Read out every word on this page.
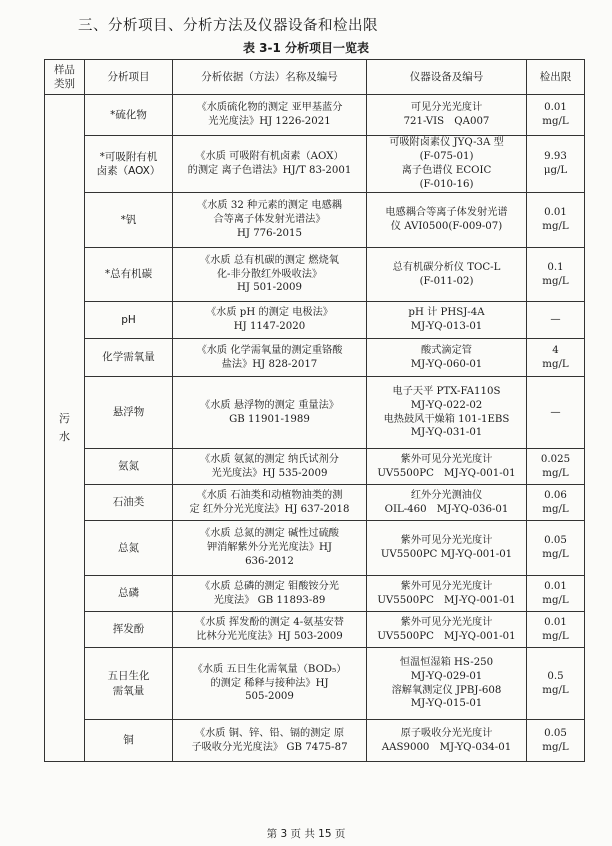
三、分析项目、分析方法及仪器设备和检出限
表 3-1 分析项目一览表
样品
类别	分析项目	分析依据（方法）名称及编号	仪器设备及编号	检出限

污
水	*硫化物	《水质硫化物的测定 亚甲基蓝分
光光度法》HJ 1226-2021	可见分光光度计
721-VIS　QA007	0.01
mg/L

	*可吸附有机
卤素（AOX）	《水质 可吸附有机卤素（AOX）
的测定 离子色谱法》HJ/T 83-2001	可吸附卤素仪 JYQ-3A 型
(F-075-01)
离子色谱仪 ECOIC
(F-010-16)	9.93
μg/L

	*钒	《水质 32 种元素的测定 电感耦
合等离子体发射光谱法》
HJ 776-2015	电感耦合等离子体发射光谱
仪 AVI0500(F-009-07)	0.01
mg/L

	*总有机碳	《水质 总有机碳的测定 燃烧氧
化-非分散红外吸收法》
HJ 501-2009	总有机碳分析仪 TOC-L
(F-011-02)	0.1
mg/L

	pH	《水质 pH 的测定 电极法》
HJ 1147-2020	pH 计 PHSJ-4A
MJ-YQ-013-01	—

	化学需氧量	《水质 化学需氧量的测定重铬酸
盐法》HJ 828-2017	酸式滴定管
MJ-YQ-060-01	4
mg/L

	悬浮物	《水质 悬浮物的测定 重量法》
GB 11901-1989	电子天平 PTX-FA110S
MJ-YQ-022-02
电热鼓风干燥箱 101-1EBS
MJ-YQ-031-01	—

	氨氮	《水质 氨氮的测定 纳氏试剂分
光光度法》HJ 535-2009	紫外可见分光光度计
UV5500PC　MJ-YQ-001-01	0.025
mg/L

	石油类	《水质 石油类和动植物油类的测
定 红外分光光度法》HJ 637-2018	红外分光测油仪
OIL-460　MJ-YQ-036-01	0.06
mg/L

	总氮	《水质 总氮的测定 碱性过硫酸
钾消解紫外分光光度法》HJ
636-2012	紫外可见分光光度计
UV5500PC MJ-YQ-001-01	0.05
mg/L

	总磷	《水质 总磷的测定 钼酸铵分光
光度法》 GB 11893-89	紫外可见分光光度计
UV5500PC　MJ-YQ-001-01	0.01
mg/L

	挥发酚	《水质 挥发酚的测定 4-氨基安替
比林分光光度法》HJ 503-2009	紫外可见分光光度计
UV5500PC　MJ-YQ-001-01	0.01
mg/L

	五日生化
需氧量	《水质 五日生化需氧量（BOD₅）
的测定 稀释与接种法》HJ
505-2009	恒温恒湿箱 HS-250
MJ-YQ-029-01
溶解氧测定仪 JPBJ-608
MJ-YQ-015-01	0.5
mg/L

	铜	《水质 铜、锌、铅、镉的测定 原
子吸收分光光度法》 GB 7475-87	原子吸收分光光度计
AAS9000　MJ-YQ-034-01	0.05
mg/L
第 3 页 共 15 页
